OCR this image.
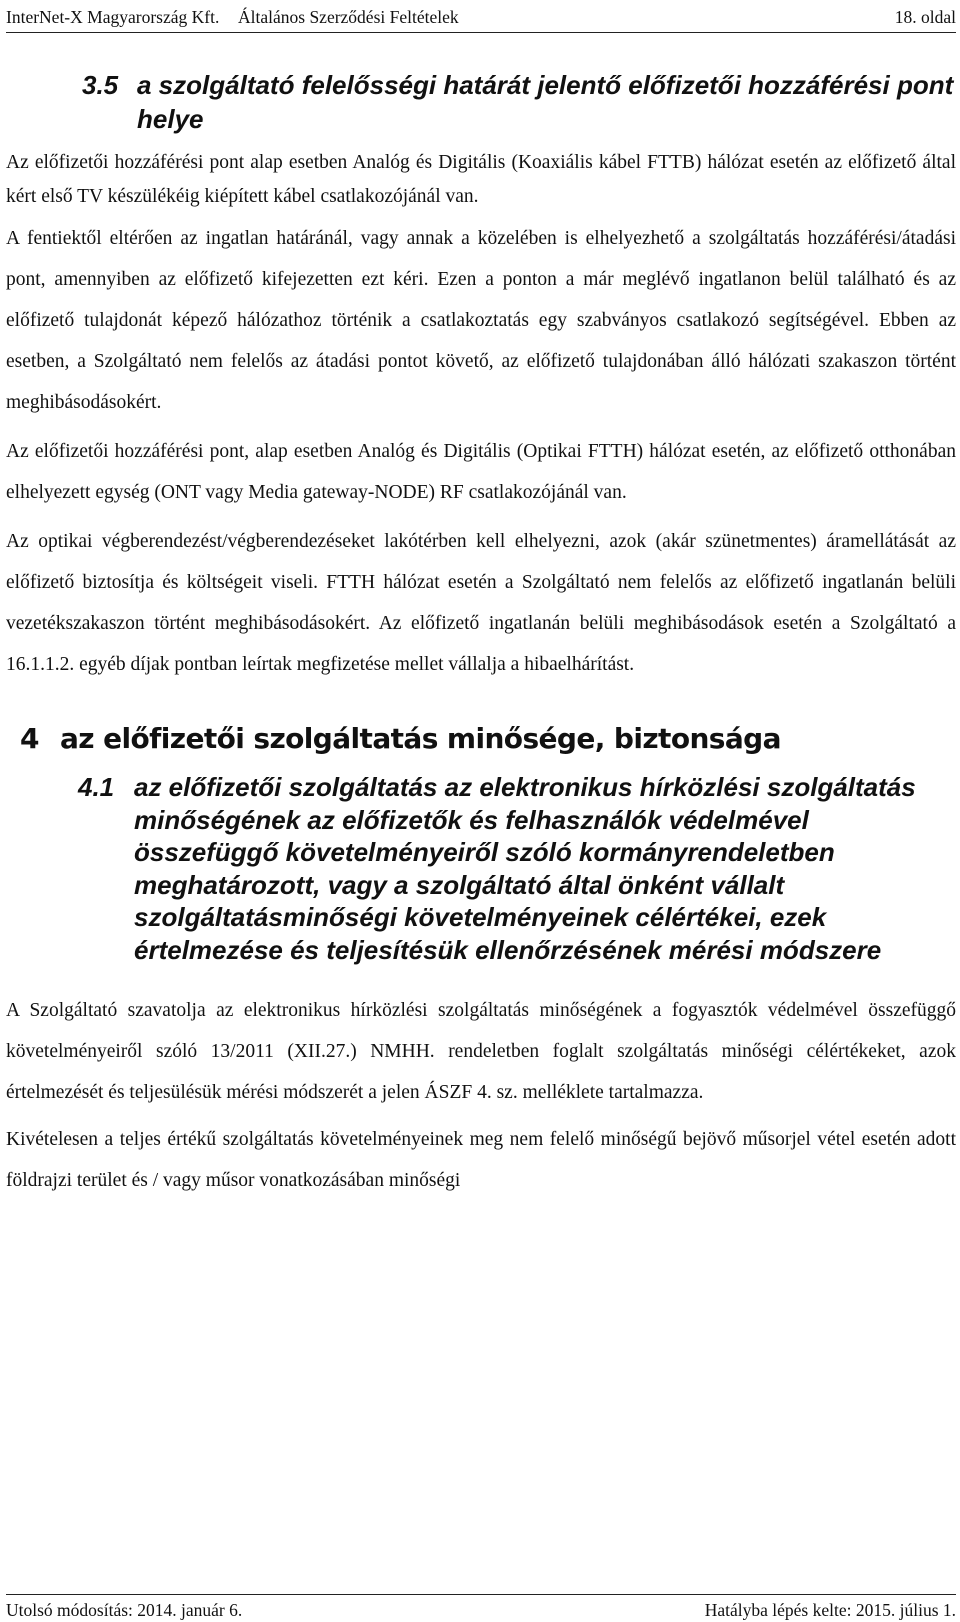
InterNet-X Magyarország Kft. Általános Szerződési Feltételek	18. oldal
3.5 a szolgáltató felelősségi határát jelentő előfizetői hozzáférési pont helye

Az előfizetői hozzáférési pont alap esetben Analóg és Digitális (Koaxiális kábel FTTB) hálózat esetén az előfizető által kért első TV készülékéig kiépített kábel csatlakozójánál van.

A fentiektől eltérően az ingatlan határánál, vagy annak a közelében is elhelyezhető a szolgáltatás hozzáférési/átadási pont, amennyiben az előfizető kifejezetten ezt kéri. Ezen a ponton a már meglévő ingatlanon belül található és az előfizető tulajdonát képező hálózathoz történik a csatlakoztatás egy szabványos csatlakozó segítségével. Ebben az esetben, a Szolgáltató nem felelős az átadási pontot követő, az előfizető tulajdonában álló hálózati szakaszon történt meghibásodásokért.

Az előfizetői hozzáférési pont, alap esetben Analóg és Digitális (Optikai FTTH) hálózat esetén, az előfizető otthonában elhelyezett egység (ONT vagy Media gateway-NODE) RF csatlakozójánál van.

Az optikai végberendezést/végberendezéseket lakótérben kell elhelyezni, azok (akár szünetmentes) áramellátását az előfizető biztosítja és költségeit viseli. FTTH hálózat esetén a Szolgáltató nem felelős az előfizető ingatlanán belüli vezetékszakaszon történt meghibásodásokért. Az előfizető ingatlanán belüli meghibásodások esetén a Szolgáltató a 16.1.1.2. egyéb díjak pontban leírtak megfizetése mellet vállalja a hibaelhárítást.

4 az előfizetői szolgáltatás minősége, biztonsága
4.1 az előfizetői szolgáltatás az elektronikus hírközlési szolgáltatás minőségének az előfizetők és felhasználók védelmével összefüggő követelményeiről szóló kormányrendeletben meghatározott, vagy a szolgáltató által önként vállalt szolgáltatásminőségi követelményeinek célértékei, ezek értelmezése és teljesítésük ellenőrzésének mérési módszere

A Szolgáltató szavatolja az elektronikus hírközlési szolgáltatás minőségének a fogyasztók védelmével összefüggő követelményeiről szóló 13/2011 (XII.27.) NMHH. rendeletben foglalt szolgáltatás minőségi célértékeket, azok értelmezését és teljesülésük mérési módszerét a jelen ÁSZF 4. sz. melléklete tartalmazza.

Kivételesen a teljes értékű szolgáltatás követelményeinek meg nem felelő minőségű bejövő műsorjel vétel esetén adott földrajzi terület és / vagy műsor vonatkozásában minőségi

Utolsó módosítás: 2014. január 6.	Hatályba lépés kelte: 2015. július 1.
